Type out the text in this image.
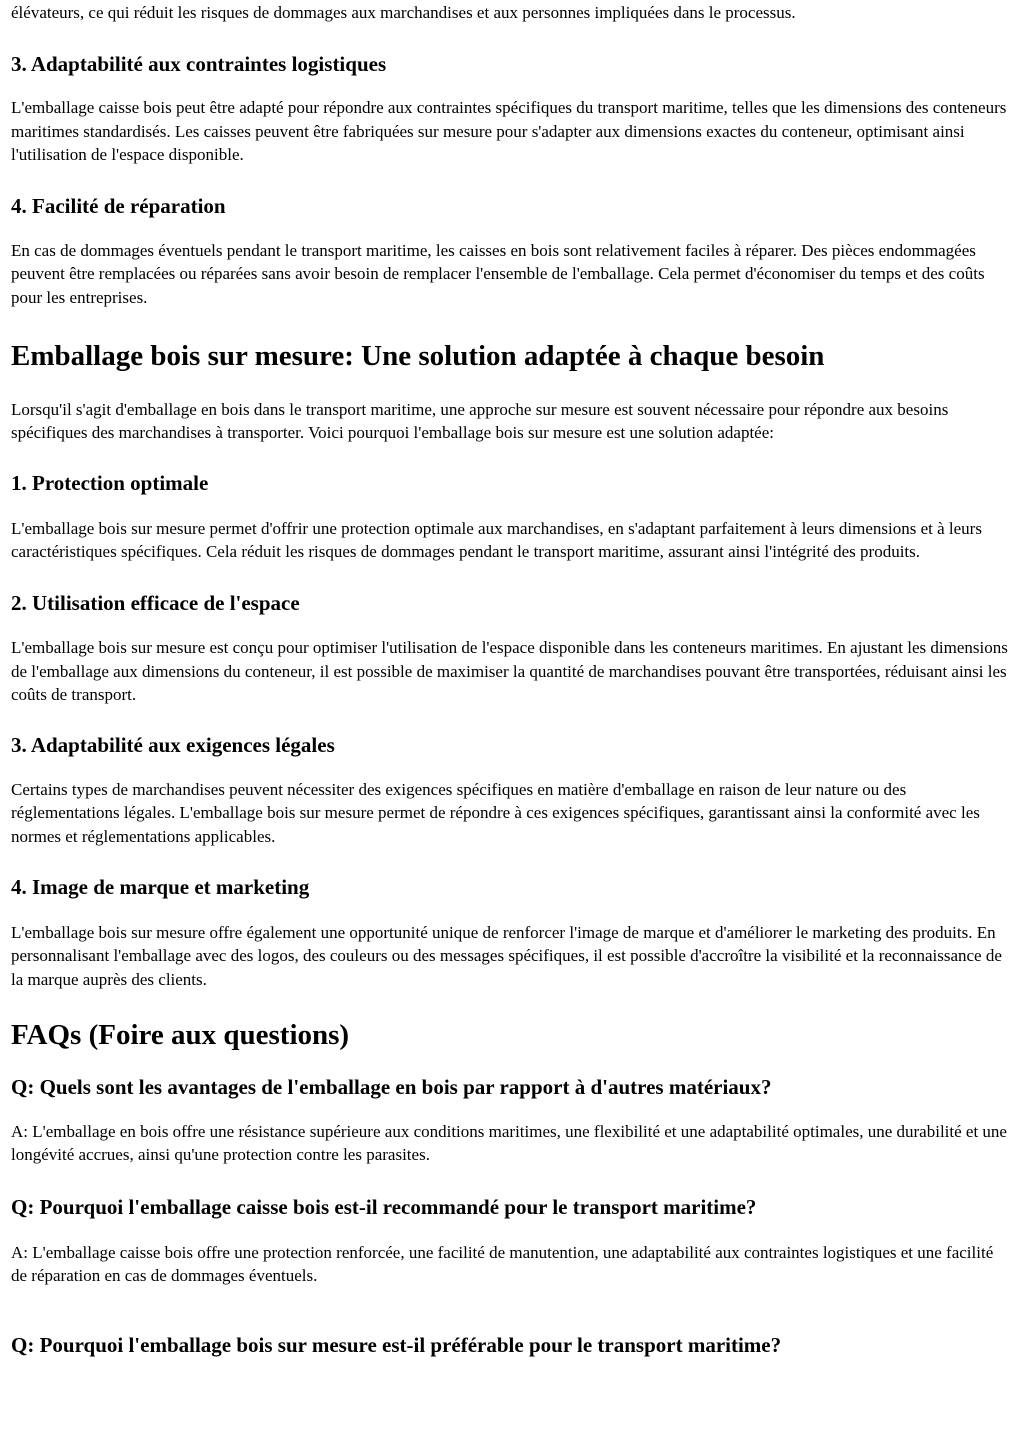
élévateurs, ce qui réduit les risques de dommages aux marchandises et aux personnes impliquées dans le processus.

3. Adaptabilité aux contraintes logistiques

L'emballage caisse bois peut être adapté pour répondre aux contraintes spécifiques du transport maritime, telles que les dimensions des conteneurs maritimes standardisés. Les caisses peuvent être fabriquées sur mesure pour s'adapter aux dimensions exactes du conteneur, optimisant ainsi l'utilisation de l'espace disponible.

4. Facilité de réparation

En cas de dommages éventuels pendant le transport maritime, les caisses en bois sont relativement faciles à réparer. Des pièces endommagées peuvent être remplacées ou réparées sans avoir besoin de remplacer l'ensemble de l'emballage. Cela permet d'économiser du temps et des coûts pour les entreprises.

Emballage bois sur mesure: Une solution adaptée à chaque besoin

Lorsqu'il s'agit d'emballage en bois dans le transport maritime, une approche sur mesure est souvent nécessaire pour répondre aux besoins spécifiques des marchandises à transporter. Voici pourquoi l'emballage bois sur mesure est une solution adaptée:

1. Protection optimale

L'emballage bois sur mesure permet d'offrir une protection optimale aux marchandises, en s'adaptant parfaitement à leurs dimensions et à leurs caractéristiques spécifiques. Cela réduit les risques de dommages pendant le transport maritime, assurant ainsi l'intégrité des produits.

2. Utilisation efficace de l'espace

L'emballage bois sur mesure est conçu pour optimiser l'utilisation de l'espace disponible dans les conteneurs maritimes. En ajustant les dimensions de l'emballage aux dimensions du conteneur, il est possible de maximiser la quantité de marchandises pouvant être transportées, réduisant ainsi les coûts de transport.

3. Adaptabilité aux exigences légales

Certains types de marchandises peuvent nécessiter des exigences spécifiques en matière d'emballage en raison de leur nature ou des réglementations légales. L'emballage bois sur mesure permet de répondre à ces exigences spécifiques, garantissant ainsi la conformité avec les normes et réglementations applicables.

4. Image de marque et marketing

L'emballage bois sur mesure offre également une opportunité unique de renforcer l'image de marque et d'améliorer le marketing des produits. En personnalisant l'emballage avec des logos, des couleurs ou des messages spécifiques, il est possible d'accroître la visibilité et la reconnaissance de la marque auprès des clients.

FAQs (Foire aux questions)
Q: Quels sont les avantages de l'emballage en bois par rapport à d'autres matériaux?

A: L'emballage en bois offre une résistance supérieure aux conditions maritimes, une flexibilité et une adaptabilité optimales, une durabilité et une longévité accrues, ainsi qu'une protection contre les parasites.

Q: Pourquoi l'emballage caisse bois est-il recommandé pour le transport maritime?

A: L'emballage caisse bois offre une protection renforcée, une facilité de manutention, une adaptabilité aux contraintes logistiques et une facilité de réparation en cas de dommages éventuels.

Q: Pourquoi l'emballage bois sur mesure est-il préférable pour le transport maritime?
